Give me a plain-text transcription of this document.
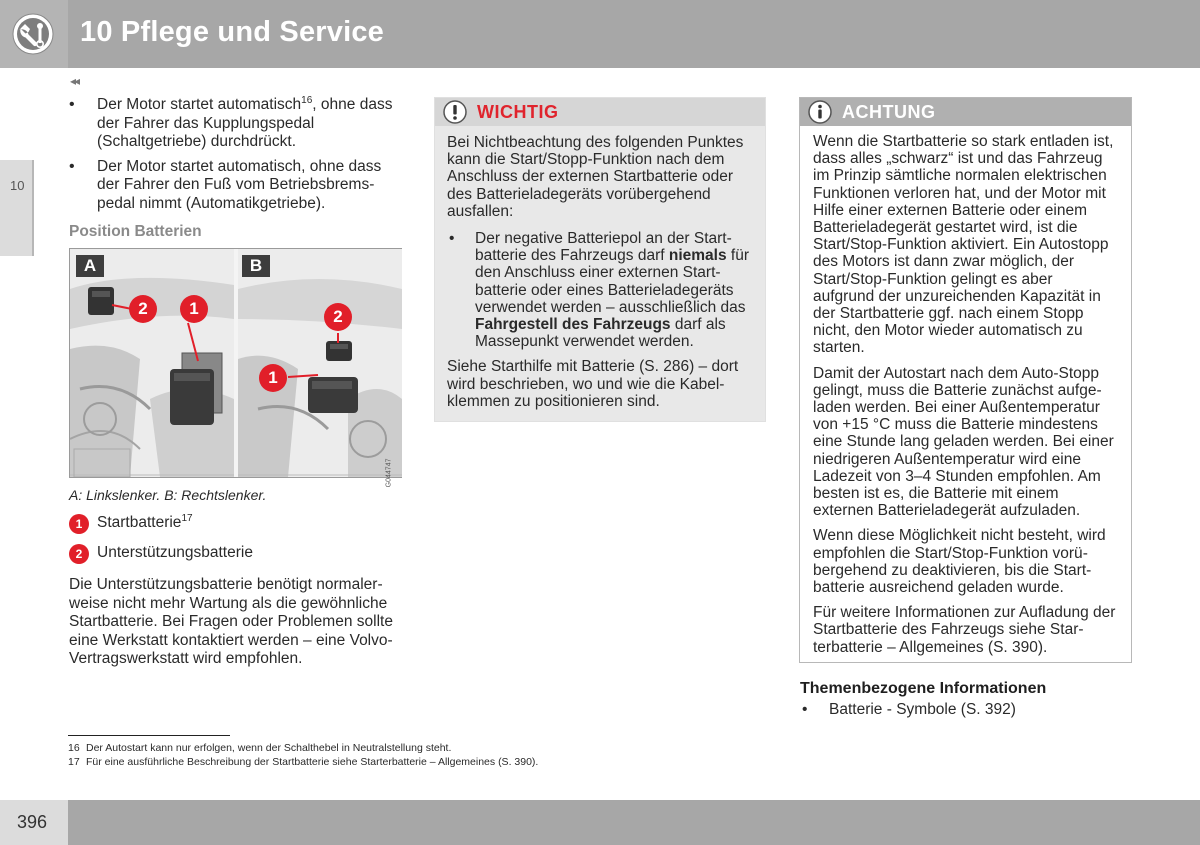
10 Pflege und Service
10
◂◂
• Der Motor startet automatisch$^{16}$, ohne dass der Fahrer das Kupplungspedal (Schaltgetriebe) durchdrückt.
• Der Motor startet automatisch, ohne dass der Fahrer den Fuß vom Betriebsbremspedal nimmt (Automatikgetriebe).
Position Batterien
A
2	1
B
2
1
G044747
A: Linkslenker. B: Rechtslenker.
1 Startbatterie$^{17}$
2 Unterstützungsbatterie
Die Unterstützungsbatterie benötigt normalerweise nicht mehr Wartung als die gewöhnliche Startbatterie. Bei Fragen oder Problemen sollte eine Werkstatt kontaktiert werden – eine Volvo-Vertragswerkstatt wird empfohlen.
WICHTIG
Bei Nichtbeachtung des folgenden Punktes kann die Start/Stopp-Funktion nach dem Anschluss der externen Startbatterie oder des Batterieladegeräts vorübergehend ausfallen:
• Der negative Batteriepol an der Startbatterie des Fahrzeugs darf niemals für den Anschluss einer externen Startbatterie oder eines Batterieladegeräts verwendet werden – ausschließlich das Fahrgestell des Fahrzeugs darf als Massepunkt verwendet werden.
Siehe Starthilfe mit Batterie (S. 286) – dort wird beschrieben, wo und wie die Kabelklemmen zu positionieren sind.
ACHTUNG
Wenn die Startbatterie so stark entladen ist, dass alles „schwarz“ ist und das Fahrzeug im Prinzip sämtliche normalen elektrischen Funktionen verloren hat, und der Motor mit Hilfe einer externen Batterie oder einem Batterieladegerät gestartet wird, ist die Start/Stop-Funktion aktiviert. Ein Autostopp des Motors ist dann zwar möglich, der Start/Stop-Funktion gelingt es aber aufgrund der unzureichenden Kapazität in der Startbatterie ggf. nach einem Stopp nicht, den Motor wieder automatisch zu starten.
Damit der Autostart nach dem Auto-Stopp gelingt, muss die Batterie zunächst aufgeladen werden. Bei einer Außentemperatur von +15 °C muss die Batterie mindestens eine Stunde lang geladen werden. Bei einer niedrigeren Außentemperatur wird eine Ladezeit von 3–4 Stunden empfohlen. Am besten ist es, die Batterie mit einem externen Batterieladegerät aufzuladen.
Wenn diese Möglichkeit nicht besteht, wird empfohlen die Start/Stop-Funktion vorübergehend zu deaktivieren, bis die Startbatterie ausreichend geladen wurde.
Für weitere Informationen zur Aufladung der Startbatterie des Fahrzeugs siehe Starterbatterie – Allgemeines (S. 390).
Themenbezogene Informationen
• Batterie - Symbole (S. 392)
16 Der Autostart kann nur erfolgen, wenn der Schalthebel in Neutralstellung steht.
17 Für eine ausführliche Beschreibung der Startbatterie siehe Starterbatterie – Allgemeines (S. 390).
396
